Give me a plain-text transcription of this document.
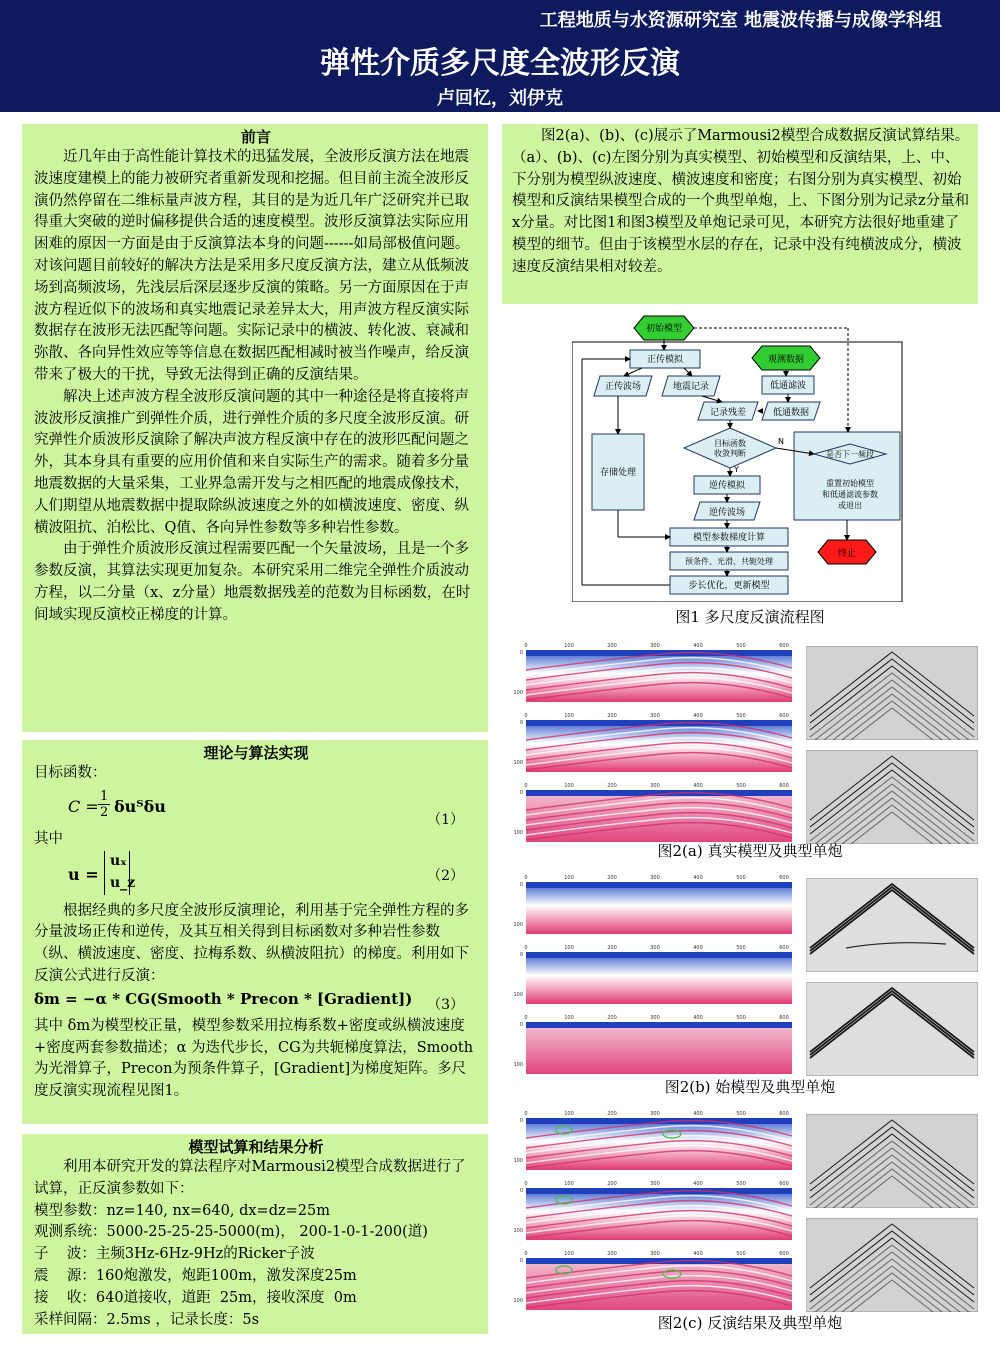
工程地质与水资源研究室 地震波传播与成像学科组
弹性介质多尺度全波形反演
卢回忆，刘伊克
前言

近几年由于高性能计算技术的迅猛发展，全波形反演方法在地震波速度建模上的能力被研究者重新发现和挖掘。但目前主流全波形反演仍然停留在二维标量声波方程，其目的是为近几年广泛研究并已取得重大突破的逆时偏移提供合适的速度模型。波形反演算法实际应用困难的原因一方面是由于反演算法本身的问题------如局部极值问题。对该问题目前较好的解决方法是采用多尺度反演方法，建立从低频波场到高频波场，先浅层后深层逐步反演的策略。另一方面原因在于声波方程近似下的波场和真实地震记录差异太大，用声波方程反演实际数据存在波形无法匹配等问题。实际记录中的横波、转化波、衰减和弥散、各向异性效应等等信息在数据匹配相减时被当作噪声，给反演带来了极大的干扰，导致无法得到正确的反演结果。

解决上述声波方程全波形反演问题的其中一种途径是将直接将声波波形反演推广到弹性介质，进行弹性介质的多尺度全波形反演。研究弹性介质波形反演除了解决声波方程反演中存在的波形匹配问题之外，其本身具有重要的应用价值和来自实际生产的需求。随着多分量地震数据的大量采集，工业界急需开发与之相匹配的地震成像技术，人们期望从地震数据中提取除纵波速度之外的如横波速度、密度、纵横波阻抗、泊松比、Q值、各向异性参数等多种岩性参数。

由于弹性介质波形反演过程需要匹配一个矢量波场，且是一个多参数反演，其算法实现更加复杂。本研究采用二维完全弹性介质波动方程，以二分量（x、z分量）地震数据残差的范数为目标函数，在时间域实现反演校正梯度的计算。

理论与算法实现

目标函数：

$C = \frac{1}{2}$ δuᵀδu
（1）

其中

u =
uₓ
u_z	（2）

根据经典的多尺度全波形反演理论，利用基于完全弹性方程的多分量波场正传和逆传，及其互相关得到目标函数对多种岩性参数（纵、横波速度、密度、拉梅系数、纵横波阻抗）的梯度。利用如下反演公式进行反演：

δm = −α * CG(Smooth * Precon * [Gradient]) （3）

其中 δm为模型校正量，模型参数采用拉梅系数+密度或纵横波速度+密度两套参数描述；α 为迭代步长，CG为共轭梯度算法，Smooth为光滑算子，Precon为预条件算子，[Gradient]为梯度矩阵。多尺度反演实现流程见图1。

模型试算和结果分析

利用本研究开发的算法程序对Marmousi2模型合成数据进行了试算，正反演参数如下：

模型参数：nz=140, nx=640, dx=dz=25m

观测系统：5000-25-25-25-5000(m)， 200-1-0-1-200(道)

子    波：主频3Hz-6Hz-9Hz的Ricker子波

震    源：160炮激发，炮距100m，激发深度25m

接    收：640道接收，道距  25m，接收深度  0m

采样间隔：2.5ms ，记录长度：5s

图2(a)、(b)、(c)展示了Marmousi2模型合成数据反演试算结果。（a）、(b)、(c)左图分别为真实模型、初始模型和反演结果，上、中、下分别为模型纵波速度、横波速度和密度；右图分别为真实模型、初始模型和反演结果模型合成的一个典型单炮，上、下图分别为记录z分量和x分量。对比图1和图3模型及单炮记录可见，本研究方法很好地重建了模型的细节。但由于该模型水层的存在，记录中没有纯横波成分，横波速度反演结果相对较差。

初始模型
观测数据
正传模拟
正传波场	地震记录	低通滤波
记录残差	低通数据
存储处理
目标函数
收敛判断	是否下一频段
重置初始模型
和低通滤波参数
或退出
逆传模拟
逆传波场
模型参数梯度计算
预条件、光滑、共轭处理
步长优化，更新模型
终止
Y
N
图1 多尺度反演流程图
0	100	200	300	400	500	600
0
100
0	100	200	300	400	500	600
0
100
0	100	200	300	400	500	600
0
100
0	100	200	300	400	500	600
0
100
0	100	200	300	400	500	600
0
100
0	100	200	300	400	500	600
0
100
0	100	200	300	400	500	600
0
100
0	100	200	300	400	500	600
0
100
0	100	200	300	400	500	600
0
100
图2(a) 真实模型及典型单炮
图2(b) 始模型及典型单炮
图2(c) 反演结果及典型单炮
